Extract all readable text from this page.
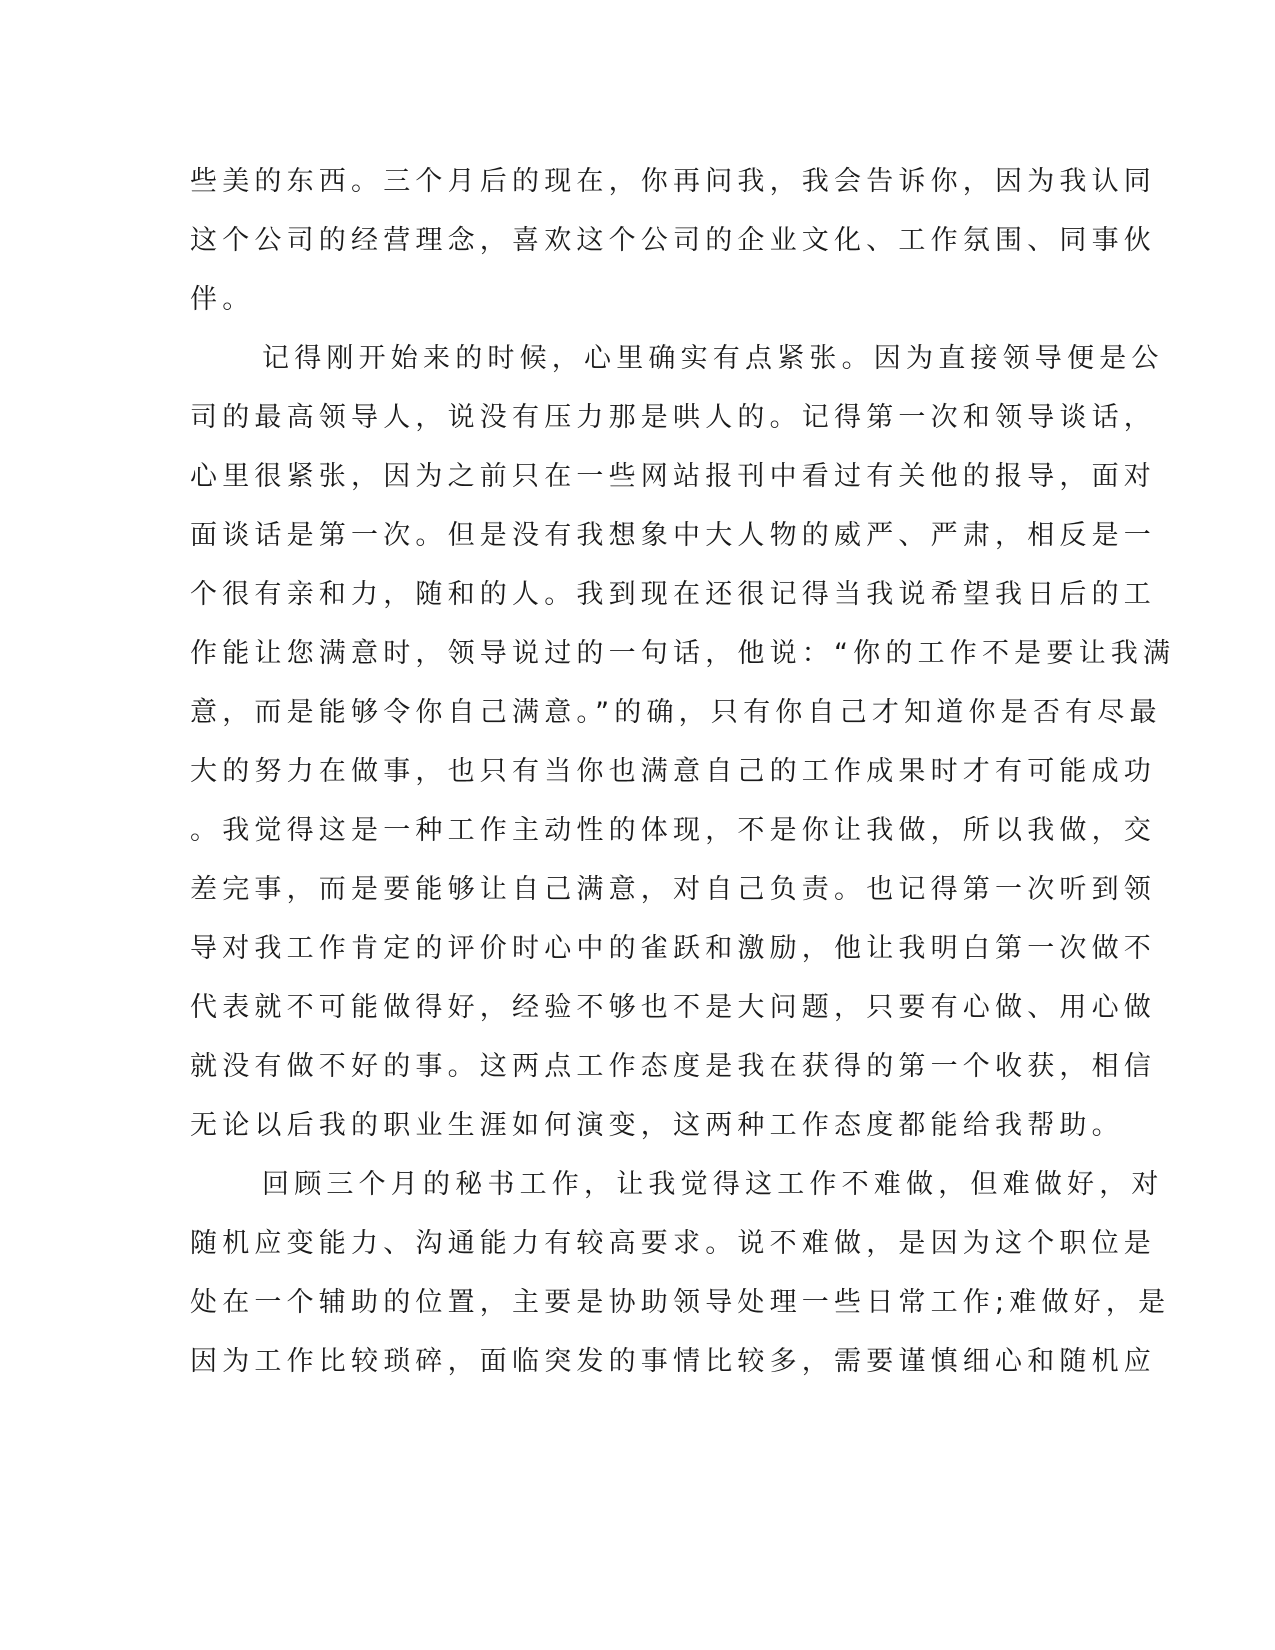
些美的东西。三个月后的现在，你再问我，我会告诉你，因为我认同
这个公司的经营理念，喜欢这个公司的企业文化、工作氛围、同事伙
伴。
记得刚开始来的时候，心里确实有点紧张。因为直接领导便是公
司的最高领导人，说没有压力那是哄人的。记得第一次和领导谈话，
心里很紧张，因为之前只在一些网站报刊中看过有关他的报导，面对
面谈话是第一次。但是没有我想象中大人物的威严、严肃，相反是一
个很有亲和力，随和的人。我到现在还很记得当我说希望我日后的工
作能让您满意时，领导说过的一句话，他说：“你的工作不是要让我满
意，而是能够令你自己满意。”的确，只有你自己才知道你是否有尽最
大的努力在做事，也只有当你也满意自己的工作成果时才有可能成功
。我觉得这是一种工作主动性的体现，不是你让我做，所以我做，交
差完事，而是要能够让自己满意，对自己负责。也记得第一次听到领
导对我工作肯定的评价时心中的雀跃和激励，他让我明白第一次做不
代表就不可能做得好，经验不够也不是大问题，只要有心做、用心做
就没有做不好的事。这两点工作态度是我在获得的第一个收获，相信
无论以后我的职业生涯如何演变，这两种工作态度都能给我帮助。
回顾三个月的秘书工作，让我觉得这工作不难做，但难做好，对
随机应变能力、沟通能力有较高要求。说不难做，是因为这个职位是
处在一个辅助的位置，主要是协助领导处理一些日常工作;难做好，是
因为工作比较琐碎，面临突发的事情比较多，需要谨慎细心和随机应
